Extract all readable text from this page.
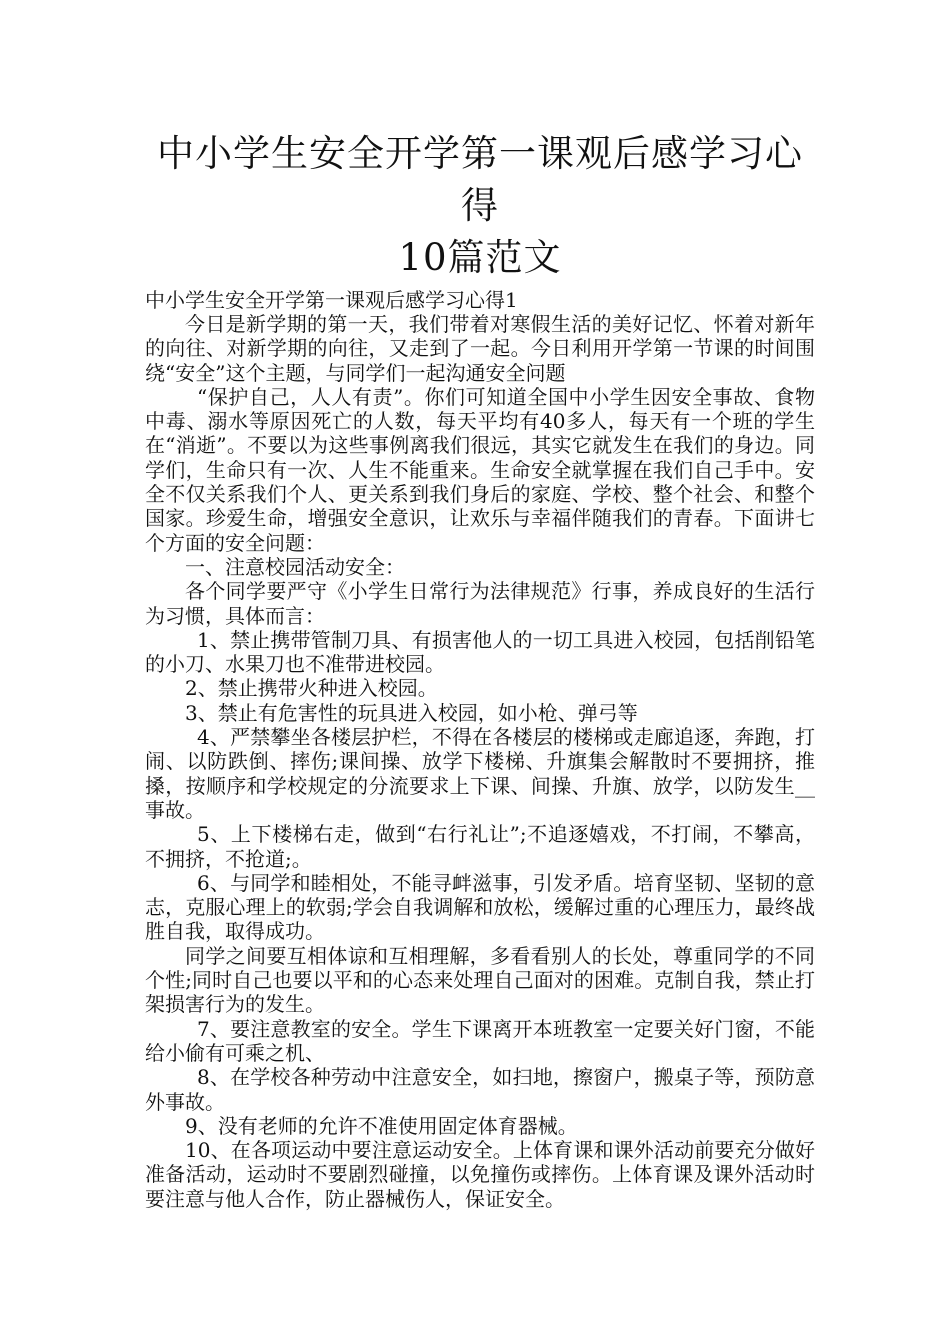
中小学生安全开学第一课观后感学习心得
10篇范文

中小学生安全开学第一课观后感学习心得1

今日是新学期的第一天，我们带着对寒假生活的美好记忆、怀着对新年的向往、对新学期的向往，又走到了一起。今日利用开学第一节课的时间围绕“安全”这个主题，与同学们一起沟通安全问题

“保护自己，人人有责”。你们可知道全国中小学生因安全事故、食物中毒、溺水等原因死亡的人数，每天平均有40多人，每天有一个班的学生在“消逝”。不要以为这些事例离我们很远，其实它就发生在我们的身边。同学们，生命只有一次、人生不能重来。生命安全就掌握在我们自己手中。安全不仅关系我们个人、更关系到我们身后的家庭、学校、整个社会、和整个国家。珍爱生命，增强安全意识，让欢乐与幸福伴随我们的青春。下面讲七个方面的安全问题：

一、注意校园活动安全：

各个同学要严守《小学生日常行为法律规范》行事，养成良好的生活行为习惯，具体而言：

1、禁止携带管制刀具、有损害他人的一切工具进入校园，包括削铅笔的小刀、水果刀也不准带进校园。

2、禁止携带火种进入校园。

3、禁止有危害性的玩具进入校园，如小枪、弹弓等

4、严禁攀坐各楼层护栏，不得在各楼层的楼梯或走廊追逐，奔跑，打闹、以防跌倒、摔伤;课间操、放学下楼梯、升旗集会解散时不要拥挤，推搡，按顺序和学校规定的分流要求上下课、间操、升旗、放学，以防发生__事故。

5、上下楼梯右走，做到“右行礼让”;不追逐嬉戏，不打闹，不攀高，不拥挤，不抢道;。

6、与同学和睦相处，不能寻衅滋事，引发矛盾。培育坚韧、坚韧的意志，克服心理上的软弱;学会自我调解和放松，缓解过重的心理压力，最终战胜自我，取得成功。

同学之间要互相体谅和互相理解，多看看别人的长处，尊重同学的不同个性;同时自己也要以平和的心态来处理自己面对的困难。克制自我，禁止打架损害行为的发生。

7、要注意教室的安全。学生下课离开本班教室一定要关好门窗，不能给小偷有可乘之机、

8、在学校各种劳动中注意安全，如扫地，擦窗户，搬桌子等，预防意外事故。

9、没有老师的允许不准使用固定体育器械。

10、在各项运动中要注意运动安全。上体育课和课外活动前要充分做好准备活动，运动时不要剧烈碰撞，以免撞伤或摔伤。上体育课及课外活动时要注意与他人合作，防止器械伤人，保证安全。
